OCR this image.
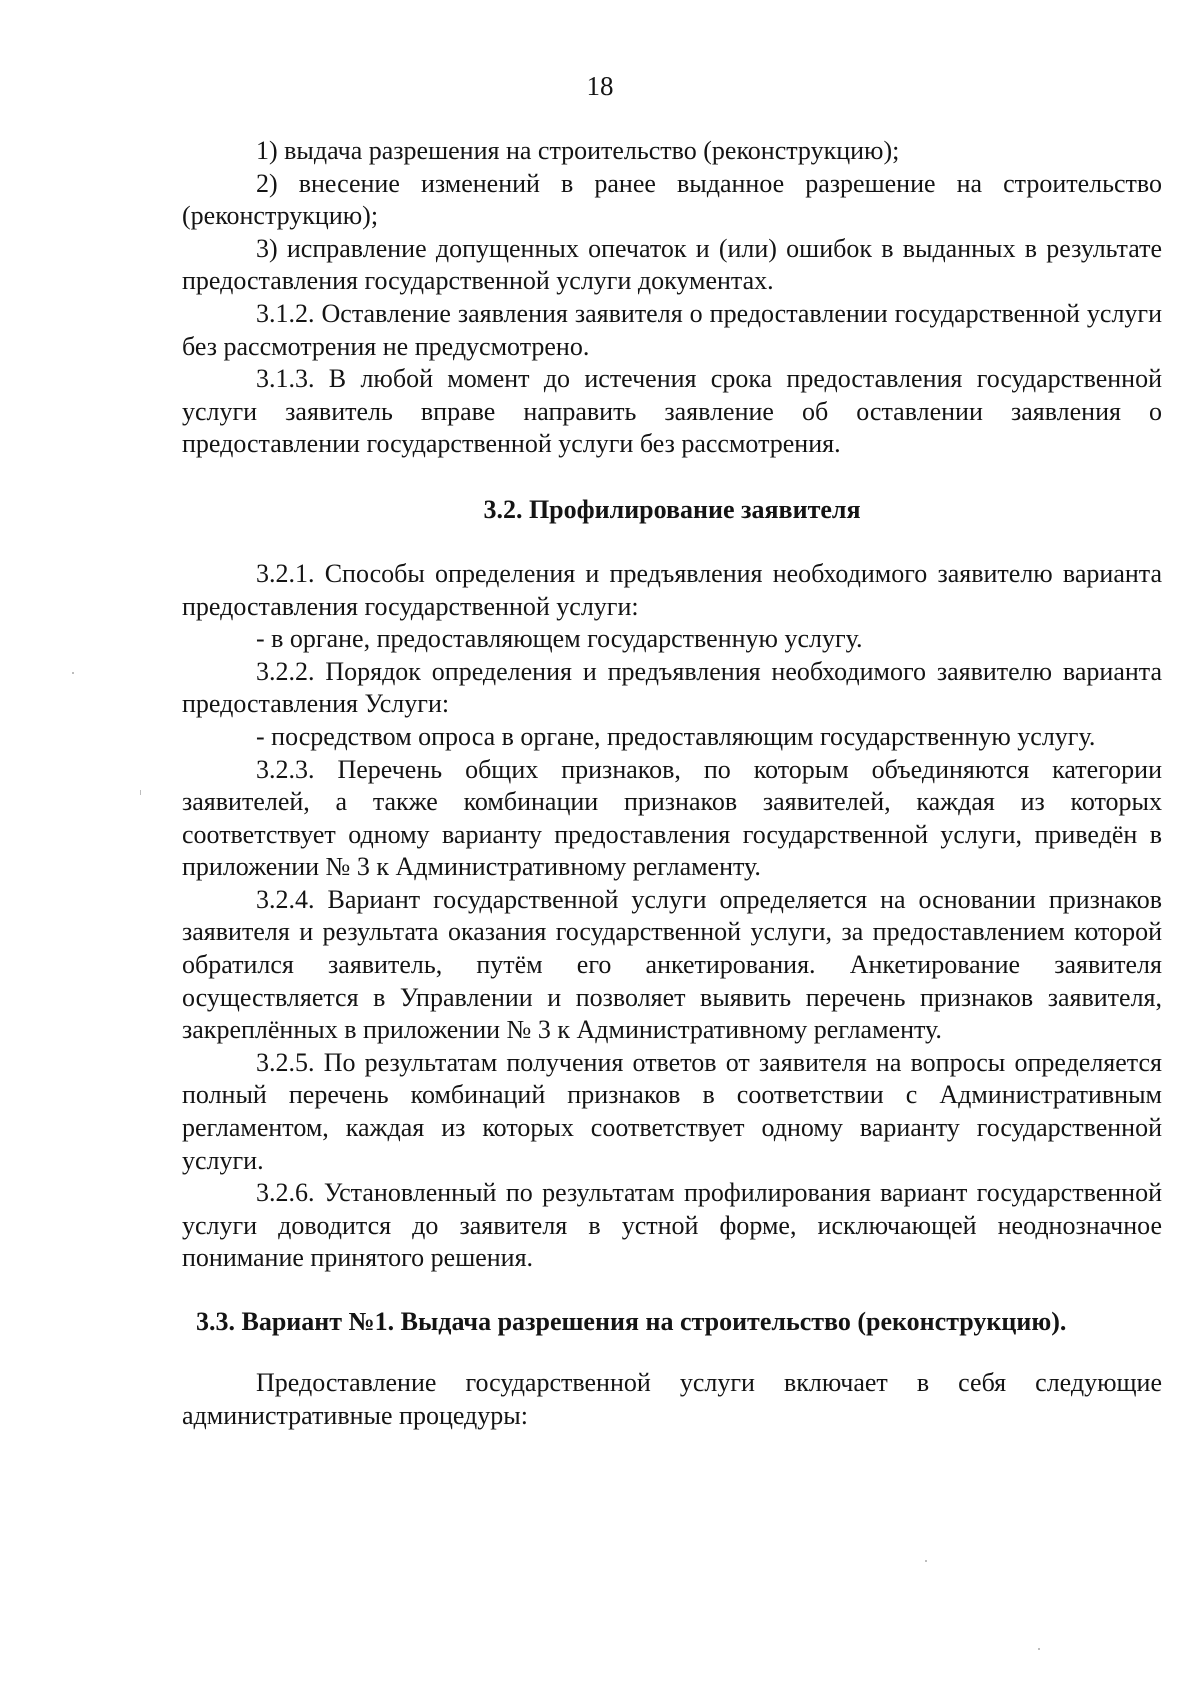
18

1) выдача разрешения на строительство (реконструкцию);

2) внесение изменений в ранее выданное разрешение на строительство (реконструкцию);

3) исправление допущенных опечаток и (или) ошибок в выданных в результате предоставления государственной услуги документах.

3.1.2. Оставление заявления заявителя о предоставлении государственной услуги без рассмотрения не предусмотрено.

3.1.3. В любой момент до истечения срока предоставления государственной услуги заявитель вправе направить заявление об оставлении заявления о предоставлении государственной услуги без рассмотрения.

3.2. Профилирование заявителя

3.2.1. Способы определения и предъявления необходимого заявителю варианта предоставления государственной услуги:

- в органе, предоставляющем государственную услугу.

3.2.2. Порядок определения и предъявления необходимого заявителю варианта предоставления Услуги:

- посредством опроса в органе, предоставляющим государственную услугу.

3.2.3. Перечень общих признаков, по которым объединяются категории заявителей, а также комбинации признаков заявителей, каждая из которых соответствует одному варианту предоставления государственной услуги, приведён в приложении № 3 к Административному регламенту.

3.2.4. Вариант государственной услуги определяется на основании признаков заявителя и результата оказания государственной услуги, за предоставлением которой обратился заявитель, путём его анкетирования. Анкетирование заявителя осуществляется в Управлении и позволяет выявить перечень признаков заявителя, закреплённых в приложении № 3 к Административному регламенту.

3.2.5. По результатам получения ответов от заявителя на вопросы определяется полный перечень комбинаций признаков в соответствии с Административным регламентом, каждая из которых соответствует одному варианту государственной услуги.

3.2.6. Установленный по результатам профилирования вариант государственной услуги доводится до заявителя в устной форме, исключающей неоднозначное понимание принятого решения.

3.3. Вариант №1. Выдача разрешения на строительство (реконструкцию).

Предоставление государственной услуги включает в себя следующие административные процедуры:
